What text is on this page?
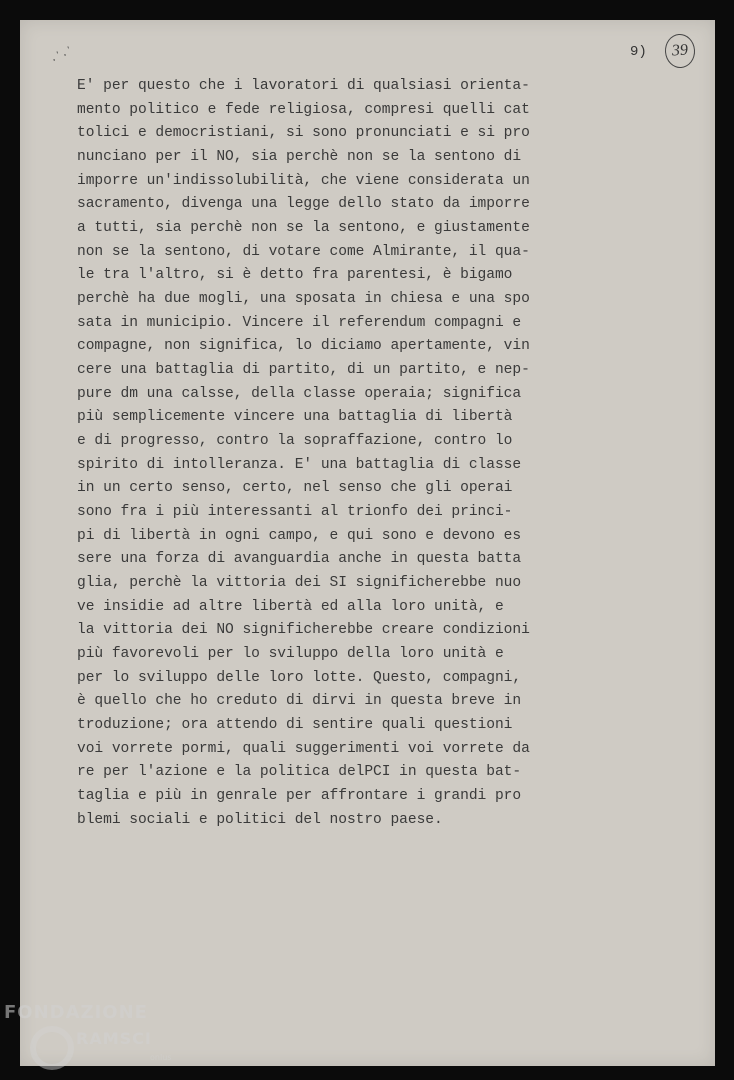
.ʼ.ʼ	9)	39
E' per questo che i lavoratori di qualsiasi orienta-
mento politico e fede religiosa, compresi quelli cat
tolici e democristiani, si sono pronunciati e si pro
nunciano per il NO, sia perchè non se la sentono di
imporre un'indissolubilità, che viene considerata un
sacramento, divenga una legge dello stato da imporre
a tutti, sia perchè non se la sentono, e giustamente
non se la sentono, di votare come Almirante, il qua-
le tra l'altro, si è detto fra parentesi, è bigamo
perchè ha due mogli, una sposata in chiesa e una spo
sata in municipio. Vincere il referendum compagni e
compagne, non significa, lo diciamo apertamente, vin
cere una battaglia di partito, di un partito, e nep-
pure dm una calsse, della classe operaia; significa
più semplicemente vincere una battaglia di libertà
e di progresso, contro la sopraffazione, contro lo
spirito di intolleranza. E' una battaglia di classe
in un certo senso, certo, nel senso che gli operai
sono fra i più interessanti al trionfo dei princi-
pi di libertà in ogni campo, e qui sono e devono es
sere una forza di avanguardia anche in questa batta
glia, perchè la vittoria dei SI significherebbe nuo
ve insidie ad altre libertà ed alla loro unità, e
la vittoria dei NO significherebbe creare condizioni
più favorevoli per lo sviluppo della loro unità e
per lo sviluppo delle loro lotte. Questo, compagni,
è quello che ho creduto di dirvi in questa breve in
troduzione; ora attendo di sentire quali questioni
voi vorrete pormi, quali suggerimenti voi vorrete da
re per l'azione e la politica delPCI in questa bat-
taglia e più in genrale per affrontare i grandi pro
blemi sociali e politici del nostro paese.
FONDAZIONE
RAMSCI
onlus
